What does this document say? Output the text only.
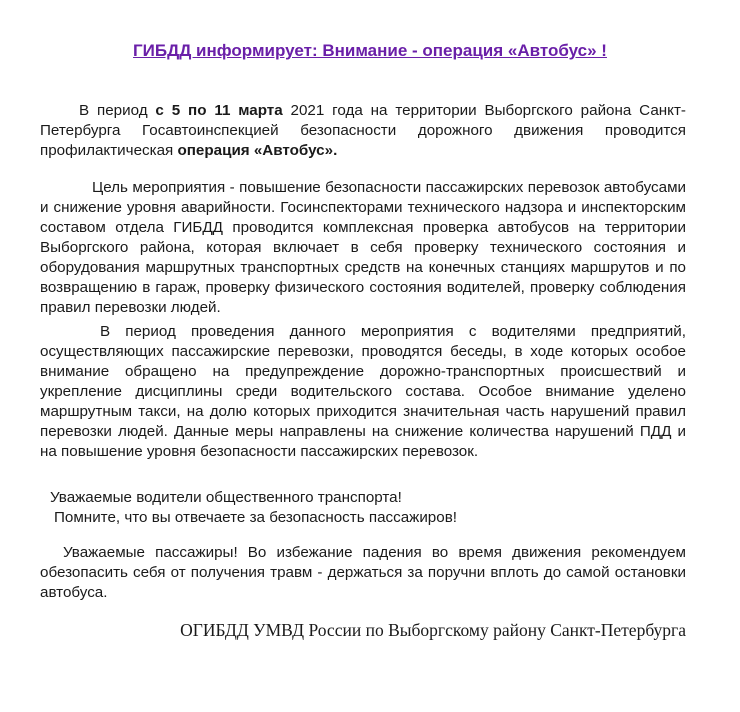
ГИБДД информирует: Внимание - операция «Автобус» !

В период с 5 по 11 марта 2021 года на территории Выборгского района Санкт-Петербурга Госавтоинспекцией безопасности дорожного движения проводится профилактическая операция «Автобус».

Цель мероприятия - повышение безопасности пассажирских перевозок автобусами и снижение уровня аварийности. Госинспекторами технического надзора и инспекторским составом отдела ГИБДД проводится комплексная проверка автобусов на территории Выборгского района, которая включает в себя проверку технического состояния и оборудования маршрутных транспортных средств на конечных станциях маршрутов и по возвращению в гараж, проверку физического состояния водителей, проверку соблюдения правил перевозки людей.

В период проведения данного мероприятия с водителями предприятий, осуществляющих пассажирские перевозки, проводятся беседы, в ходе которых особое внимание обращено на предупреждение дорожно-транспортных происшествий и укрепление дисциплины среди водительского состава. Особое внимание уделено маршрутным такси, на долю которых приходится значительная часть нарушений правил перевозки людей. Данные меры направлены на снижение количества нарушений ПДД и на повышение уровня безопасности пассажирских перевозок.

Уважаемые водители общественного транспорта!

Помните, что вы отвечаете за безопасность пассажиров!

Уважаемые пассажиры! Во избежание падения во время движения рекомендуем обезопасить себя от получения травм - держаться за поручни вплоть до самой остановки автобуса.

ОГИБДД УМВД России по Выборгскому району Санкт-Петербурга
